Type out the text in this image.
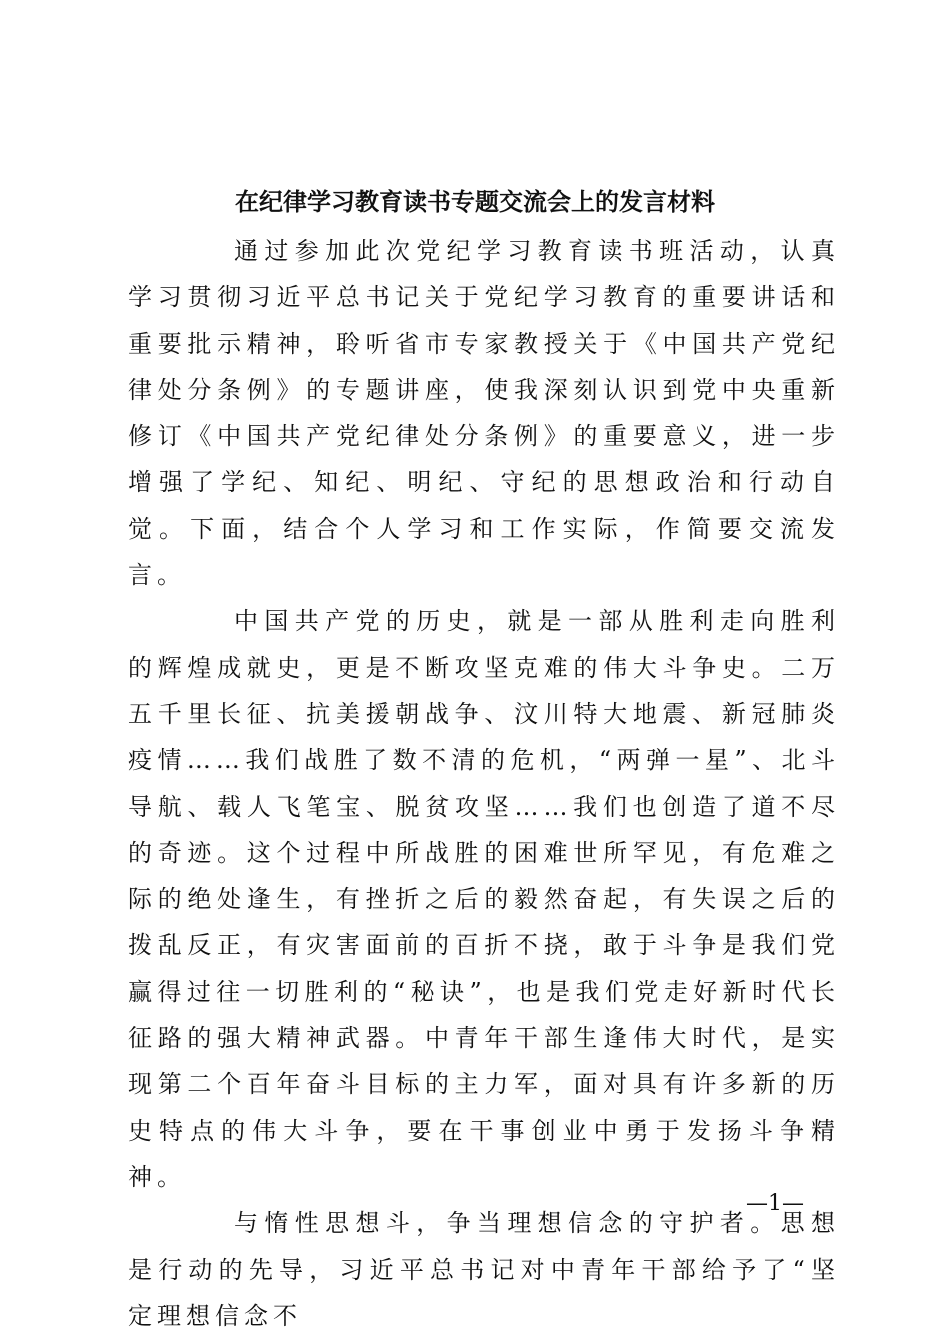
在纪律学习教育读书专题交流会上的发言材料

通过参加此次党纪学习教育读书班活动，认真学习贯彻习近平总书记关于党纪学习教育的重要讲话和重要批示精神，聆听省市专家教授关于《中国共产党纪律处分条例》的专题讲座，使我深刻认识到党中央重新修订《中国共产党纪律处分条例》的重要意义，进一步增强了学纪、知纪、明纪、守纪的思想政治和行动自觉。下面，结合个人学习和工作实际，作简要交流发言。

中国共产党的历史，就是一部从胜利走向胜利的辉煌成就史，更是不断攻坚克难的伟大斗争史。二万五千里长征、抗美援朝战争、汶川特大地震、新冠肺炎疫情……我们战胜了数不清的危机，“两弹一星”、北斗导航、载人飞笔宝、脱贫攻坚……我们也创造了道不尽的奇迹。这个过程中所战胜的困难世所罕见，有危难之际的绝处逢生，有挫折之后的毅然奋起，有失误之后的拨乱反正，有灾害面前的百折不挠，敢于斗争是我们党赢得过往一切胜利的“秘诀”，也是我们党走好新时代长征路的强大精神武器。中青年干部生逢伟大时代，是实现第二个百年奋斗目标的主力军，面对具有许多新的历史特点的伟大斗争，要在干事创业中勇于发扬斗争精神。

与惰性思想斗，争当理想信念的守护者。思想是行动的先导，习近平总书记对中青年干部给予了“坚定理想信念不

—1—
